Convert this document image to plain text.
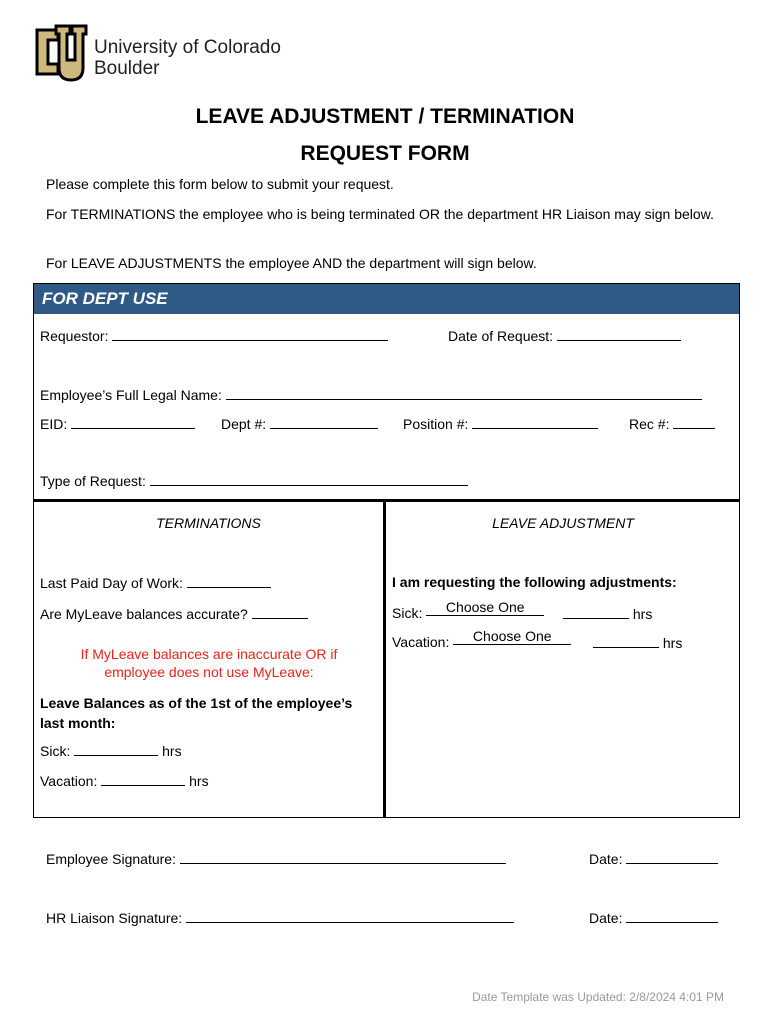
University of Colorado
Boulder
LEAVE ADJUSTMENT / TERMINATION
REQUEST FORM
Please complete this form below to submit your request.
For TERMINATIONS the employee who is being terminated OR the department HR Liaison may sign below.
For LEAVE ADJUSTMENTS the employee AND the department will sign below.
FOR DEPT USE
Requestor:	Date of Request:
Employee’s Full Legal Name:
EID:	Dept #:	Position #:	Rec #:
Type of Request:
TERMINATIONS
Last Paid Day of Work:
Are MyLeave balances accurate?
If MyLeave balances are inaccurate OR if employee does not use MyLeave:
Leave Balances as of the 1st of the employee’s last month:
Sick:	hrs
Vacation:	hrs
LEAVE ADJUSTMENT
I am requesting the following adjustments:
Sick: Choose One	hrs
Vacation: Choose One	hrs
Employee Signature:	Date:
HR Liaison Signature:	Date:
Date Template was Updated: 2/8/2024 4:01 PM
